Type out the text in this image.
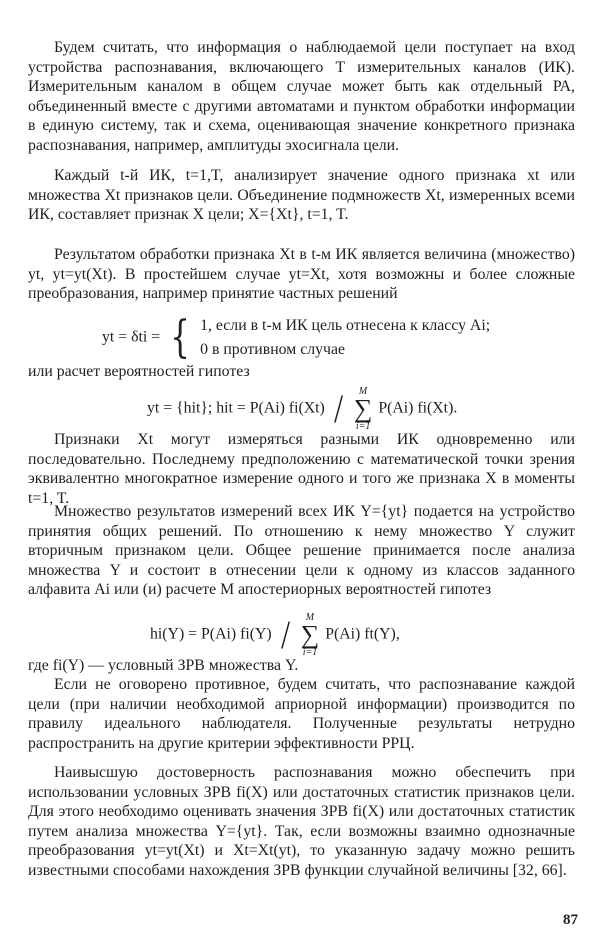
Будем считать, что информация о наблюдаемой цели поступает на вход устройства распознавания, включающего T измерительных каналов (ИК). Измерительным каналом в общем случае может быть как отдельный РА, объединенный вместе с другими автоматами и пунктом обработки информации в единую систему, так и схема, оценивающая значение конкретного признака распознавания, например, амплитуды эхосигнала цели.

Каждый t-й ИК, t=1,T, анализирует значение одного признака xt или множества Xt признаков цели. Объединение подмножеств Xt, измеренных всеми ИК, составляет признак X цели; X={Xt}, t=1, T.

Результатом обработки признака Xt в t-м ИК является величина (множество) yt, yt=yt(Xt). В простейшем случае yt=Xt, хотя возможны и более сложные преобразования, например принятие частных решений

yt = δti = { 1, если в t-м ИК цель отнесена к классу Ai;
0 в противном случае

или расчет вероятностей гипотез

yt = {hit}; hit = P(Ai) fi(Xt) /	M
∑
i=1
P(Ai) fi(Xt).

Признаки Xt могут измеряться разными ИК одновременно или последовательно. Последнему предположению с математической точки зрения эквивалентно многократное измерение одного и того же признака X в моменты t=1, T.

Множество результатов измерений всех ИК Y={yt} подается на устройство принятия общих решений. По отношению к нему множество Y служит вторичным признаком цели. Общее решение принимается после анализа множества Y и состоит в отнесении цели к одному из классов заданного алфавита Ai или (и) расчете M апостериорных вероятностей гипотез

hi(Y) = P(Ai) fi(Y) /	M
∑
i=1
P(Ai) ft(Y),

где fi(Y) — условный ЗРВ множества Y.

Если не оговорено противное, будем считать, что распознавание каждой цели (при наличии необходимой априорной информации) производится по правилу идеального наблюдателя. Полученные результаты нетрудно распространить на другие критерии эффективности РРЦ.

Наивысшую достоверность распознавания можно обеспечить при использовании условных ЗРВ fi(X) или достаточных статистик признаков цели. Для этого необходимо оценивать значения ЗРВ fi(X) или достаточных статистик путем анализа множества Y={yt}. Так, если возможны взаимно однозначные преобразования yt=yt(Xt) и Xt=Xt(yt), то указанную задачу можно решить известными способами нахождения ЗРВ функции случайной величины [32, 66].

87
